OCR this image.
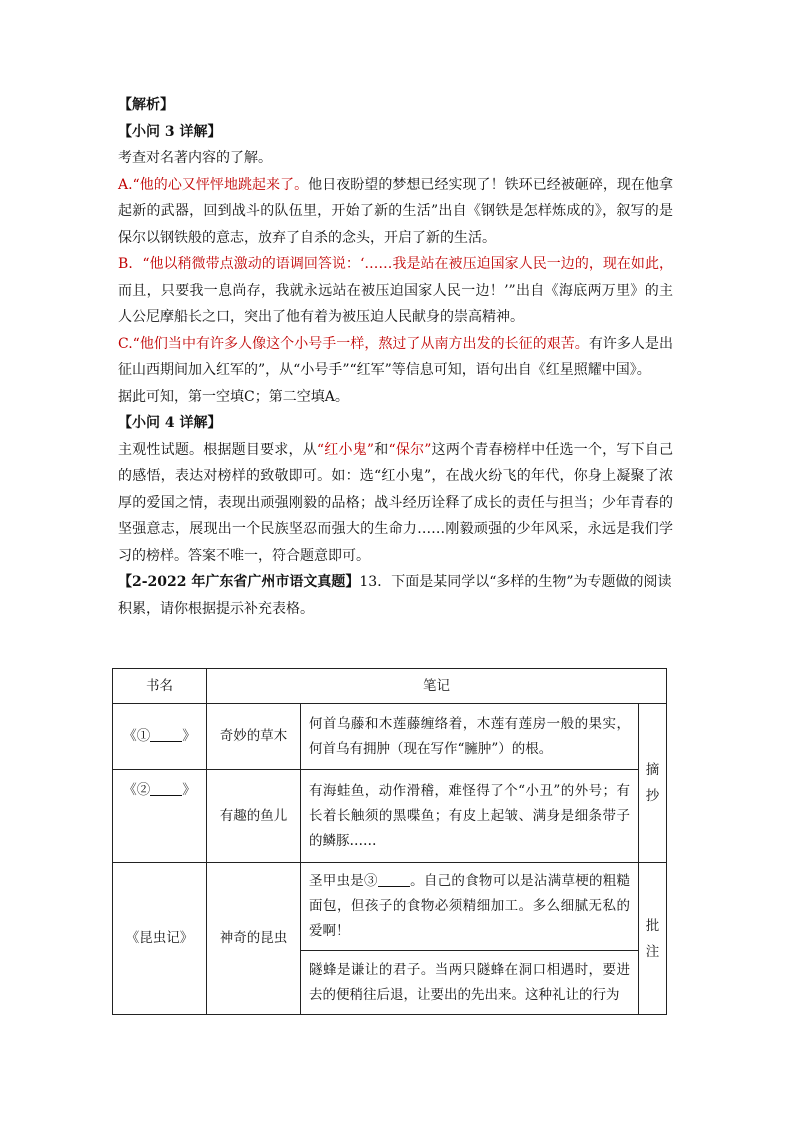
【解析】
【小问 3 详解】
考查对名著内容的了解。
A.“他的心又怦怦地跳起来了。他日夜盼望的梦想已经实现了！铁环已经被砸碎，现在他拿起新的武器，回到战斗的队伍里，开始了新的生活”出自《钢铁是怎样炼成的》，叙写的是保尔以钢铁般的意志，放弃了自杀的念头，开启了新的生活。
B．“他以稍微带点激动的语调回答说：‘……我是站在被压迫国家人民一边的，现在如此，而且，只要我一息尚存，我就永远站在被压迫国家人民一边！’”出自《海底两万里》的主人公尼摩船长之口，突出了他有着为被压迫人民献身的崇高精神。
C.“他们当中有许多人像这个小号手一样，熬过了从南方出发的长征的艰苦。有许多人是出征山西期间加入红军的”，从“小号手”“红军”等信息可知，语句出自《红星照耀中国》。
据此可知，第一空填C；第二空填A。
【小问 4 详解】
主观性试题。根据题目要求，从“红小鬼”和“保尔”这两个青春榜样中任选一个，写下自己的感悟，表达对榜样的致敬即可。如：选“红小鬼”，在战火纷飞的年代，你身上凝聚了浓厚的爱国之情，表现出顽强刚毅的品格；战斗经历诠释了成长的责任与担当；少年青春的坚强意志，展现出一个民族坚忍而强大的生命力……刚毅顽强的少年风采，永远是我们学习的榜样。答案不唯一，符合题意即可。
【2-2022 年广东省广州市语文真题】13．下面是某同学以“多样的生物”为专题做的阅读积累，请你根据提示补充表格。
书名	笔记		
《① 》	奇妙的草木	何首乌藤和木莲藤缠络着，木莲有莲房一般的果实，何首乌有拥肿（现在写作“臃肿”）的根。	摘抄

《② 》	有趣的鱼儿	有海蛙鱼，动作滑稽，难怪得了个“小丑”的外号；有长着长触须的黑喋鱼；有皮上起皱、满身是细条带子的鳞豚……	
《昆虫记》	神奇的昆虫	圣甲虫是③ 。自己的食物可以是沾满草梗的粗糙面包，但孩子的食物必须精细加工。多么细腻无私的爱啊！	批注

		隧蜂是谦让的君子。当两只隧蜂在洞口相遇时，要进去的便稍往后退，让要出的先出来。这种礼让的行为	
